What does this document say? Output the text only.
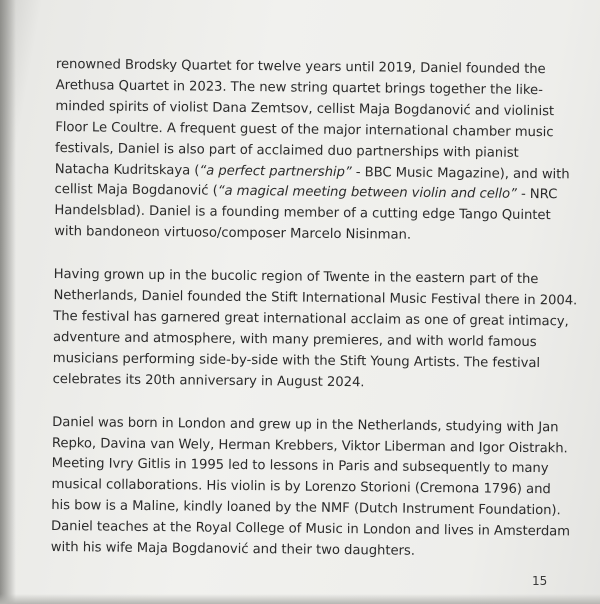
renowned Brodsky Quartet for twelve years until 2019, Daniel founded the
Arethusa Quartet in 2023. The new string quartet brings together the like-
minded spirits of violist Dana Zemtsov, cellist Maja Bogdanović and violinist
Floor Le Coultre. A frequent guest of the major international chamber music
festivals, Daniel is also part of acclaimed duo partnerships with pianist
Natacha Kudritskaya (“a perfect partnership” - BBC Music Magazine), and with
cellist Maja Bogdanović (“a magical meeting between violin and cello” - NRC
Handelsblad). Daniel is a founding member of a cutting edge Tango Quintet
with bandoneon virtuoso/composer Marcelo Nisinman.
Having grown up in the bucolic region of Twente in the eastern part of the
Netherlands, Daniel founded the Stift International Music Festival there in 2004.
The festival has garnered great international acclaim as one of great intimacy,
adventure and atmosphere, with many premieres, and with world famous
musicians performing side-by-side with the Stift Young Artists. The festival
celebrates its 20th anniversary in August 2024.
Daniel was born in London and grew up in the Netherlands, studying with Jan
Repko, Davina van Wely, Herman Krebbers, Viktor Liberman and Igor Oistrakh.
Meeting Ivry Gitlis in 1995 led to lessons in Paris and subsequently to many
musical collaborations. His violin is by Lorenzo Storioni (Cremona 1796) and
his bow is a Maline, kindly loaned by the NMF (Dutch Instrument Foundation).
Daniel teaches at the Royal College of Music in London and lives in Amsterdam
with his wife Maja Bogdanović and their two daughters.
15
